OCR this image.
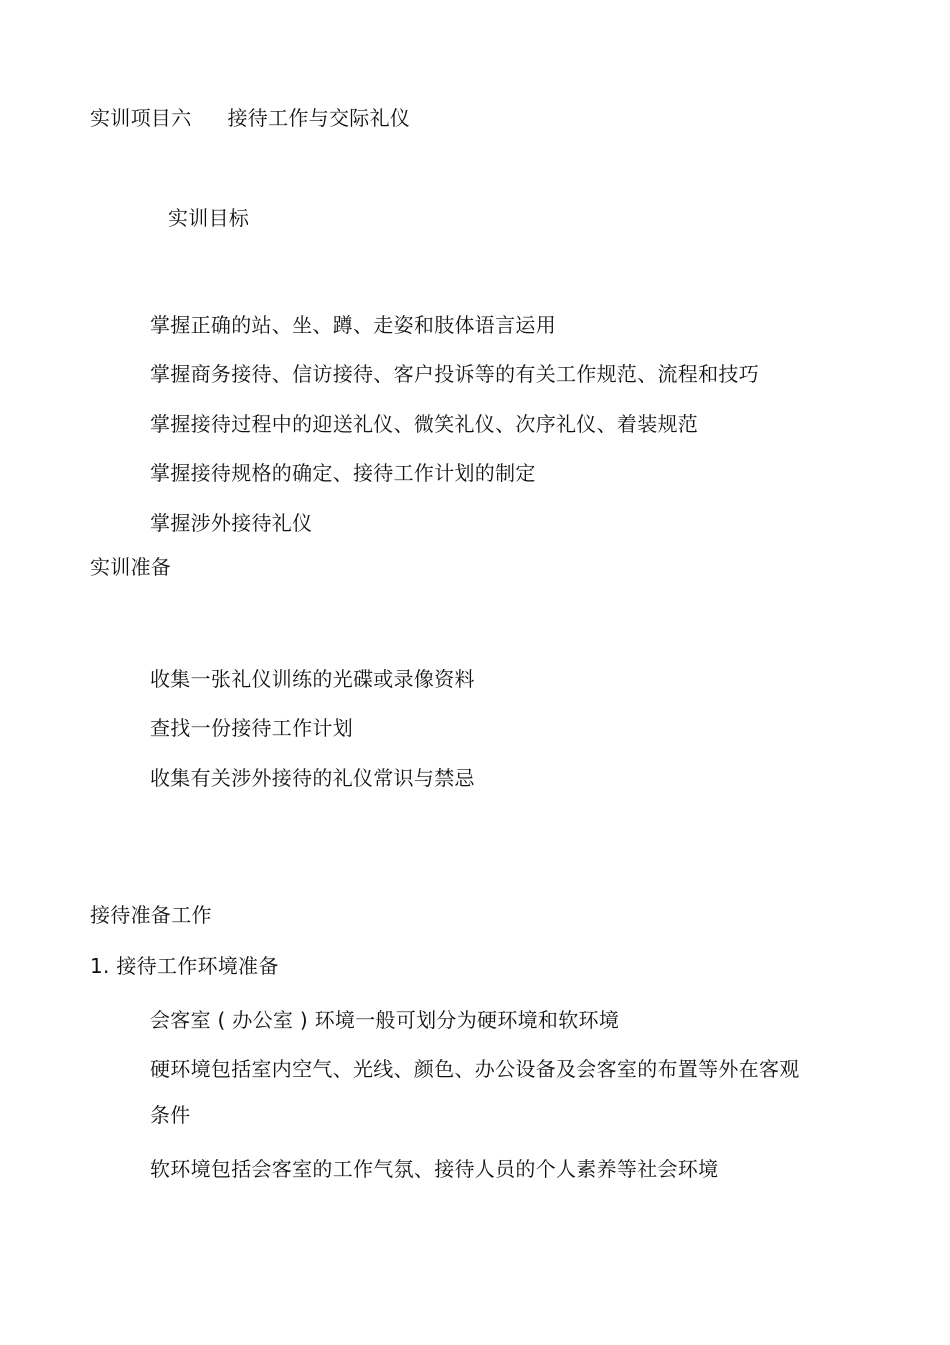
实训项目六 接待工作与交际礼仪
实训目标
掌握正确的站、坐、蹲、走姿和肢体语言运用
掌握商务接待、信访接待、客户投诉等的有关工作规范、流程和技巧
掌握接待过程中的迎送礼仪、微笑礼仪、次序礼仪、着装规范
掌握接待规格的确定、接待工作计划的制定
掌握涉外接待礼仪
实训准备
收集一张礼仪训练的光碟或录像资料
查找一份接待工作计划
收集有关涉外接待的礼仪常识与禁忌
接待准备工作
1. 接待工作环境准备
会客室 ( 办公室 ) 环境一般可划分为硬环境和软环境
硬环境包括室内空气、光线、颜色、办公设备及会客室的布置等外在客观
条件
软环境包括会客室的工作气氛、接待人员的个人素养等社会环境
